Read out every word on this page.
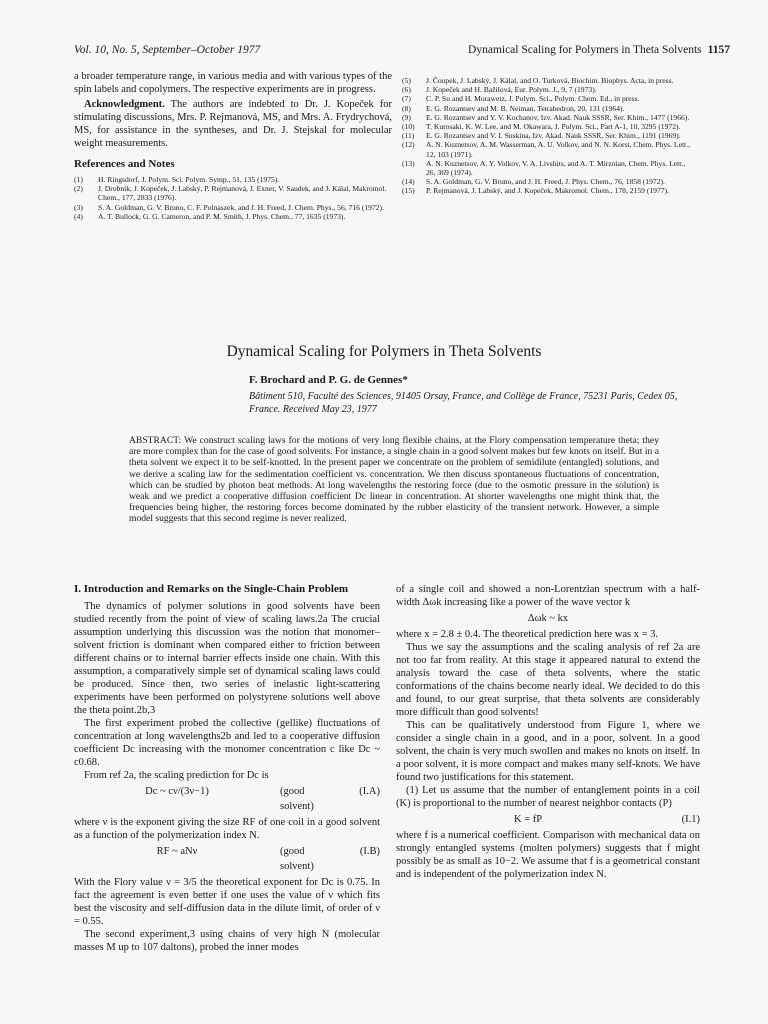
Vol. 10, No. 5, September–October 1977	Dynamical Scaling for Polymers in Theta Solvents 1157

a broader temperature range, in various media and with various types of the spin labels and copolymers. The respective experiments are in progress.

Acknowledgment. The authors are indebted to Dr. J. Kopeček for stimulating discussions, Mrs. P. Rejmanová, MS, and Mrs. A. Frydrychová, MS, for assistance in the syntheses, and Dr. J. Stejskal for molecular weight measurements.

References and Notes
(1)	H. Ringsdorf, J. Polym. Sci. Polym. Symp., 51, 135 (1975).
(2)	J. Drobník, J. Kopeček, J. Labský, P. Rejmanová, J. Exner, V. Saudek, and J. Kálal, Makromol. Chem., 177, 2833 (1976).
(3)	S. A. Goldman, G. V. Bruno, C. F. Polnaszek, and J. H. Freed, J. Chem. Phys., 56, 716 (1972).
(4)	A. T. Bullock, G. G. Cameron, and P. M. Smith, J. Phys. Chem., 77, 1635 (1973).
(5)	J. Čoupek, J. Labský, J. Kálal, and O. Turková, Biochim. Biophys. Acta, in press.
(6)	J. Kopeček and H. Bažilová, Eur. Polym. J., 9, 7 (1973).
(7)	C. P. Su and H. Morawetz, J. Polym. Sci., Polym. Chem. Ed., in press.
(8)	E. G. Rozantsev and M. B. Neiman, Tetrahedron, 20, 131 (1964).
(9)	E. G. Rozantsev and Y. V. Kochanov, Izv. Akad. Nauk SSSR, Ser. Khim., 1477 (1966).
(10)	T. Kurosaki, K. W. Lee, and M. Okawara, J. Polym. Sci., Part A-1, 10, 3295 (1972).
(11)	E. G. Rozantsev and V. I. Suskina, Izv. Akad. Nauk SSSR, Ser. Khim., 1191 (1969).
(12)	A. N. Kuznetsov, A. M. Wasserman, A. U. Volkov, and N. N. Korst, Chem. Phys. Lett., 12, 103 (1971).
(13)	A. N. Kuznetsov, A. Y. Volkov, V. A. Livshits, and A. T. Mirzoian, Chem. Phys. Lett., 26, 369 (1974).
(14)	S. A. Goldman, G. V. Bruno, and J. H. Freed, J. Phys. Chem., 76, 1858 (1972).
(15)	P. Rejmanová, J. Labský, and J. Kopeček, Makromol. Chem., 178, 2159 (1977).
Dynamical Scaling for Polymers in Theta Solvents
F. Brochard and P. G. de Gennes*
Bâtiment 510, Faculté des Sciences, 91405 Orsay, France, and Collège de France, 75231 Paris, Cedex 05, France. Received May 23, 1977
ABSTRACT: We construct scaling laws for the motions of very long flexible chains, at the Flory compensation temperature theta; they are more complex than for the case of good solvents. For instance, a single chain in a good solvent makes but few knots on itself. But in a theta solvent we expect it to be self-knotted. In the present paper we concentrate on the problem of semidilute (entangled) solutions, and we derive a scaling law for the sedimentation coefficient vs. concentration. We then discuss spontaneous fluctuations of concentration, which can be studied by photon beat methods. At long wavelengths the restoring force (due to the osmotic pressure in the solution) is weak and we predict a cooperative diffusion coefficient Dc linear in concentration. At shorter wavelengths one might think that, the frequencies being higher, the restoring forces become dominated by the rubber elasticity of the transient network. However, a simple model suggests that this second regime is never realized.
I. Introduction and Remarks on the Single-Chain Problem

The dynamics of polymer solutions in good solvents have been studied recently from the point of view of scaling laws.2a The crucial assumption underlying this discussion was the notion that monomer–solvent friction is dominant when compared either to friction between different chains or to internal barrier effects inside one chain. With this assumption, a comparatively simple set of dynamical scaling laws could be produced. Since then, two series of inelastic light-scattering experiments have been performed on polystyrene solutions well above the theta point.2b,3

The first experiment probed the collective (gellike) fluctuations of concentration at long wavelengths2b and led to a cooperative diffusion coefficient Dc increasing with the monomer concentration c like Dc ~ c0.68.

From ref 2a, the scaling prediction for Dc is

Dc ~ cν/(3ν−1)	(good solvent)
(I.A)

where ν is the exponent giving the size RF of one coil in a good solvent as a function of the polymerization index N.

RF ~ aNν	(good solvent)
(I.B)

With the Flory value ν = 3/5 the theoretical exponent for Dc is 0.75. In fact the agreement is even better if one uses the value of ν which fits best the viscosity and self-diffusion data in the dilute limit, of order of ν = 0.55.

The second experiment,3 using chains of very high N (molecular masses M up to 107 daltons), probed the inner modes

of a single coil and showed a non-Lorentzian spectrum with a half-width Δωk increasing like a power of the wave vector k

Δωk ~ kx

where x = 2.8 ± 0.4. The theoretical prediction here was x = 3.

Thus we say the assumptions and the scaling analysis of ref 2a are not too far from reality. At this stage it appeared natural to extend the analysis toward the case of theta solvents, where the static conformations of the chains become nearly ideal. We decided to do this and found, to our great surprise, that theta solvents are considerably more difficult than good solvents!

This can be qualitatively understood from Figure 1, where we consider a single chain in a good, and in a poor, solvent. In a good solvent, the chain is very much swollen and makes no knots on itself. In a poor solvent, it is more compact and makes many self-knots. We have found two justifications for this statement.

(1) Let us assume that the number of entanglement points in a coil (K) is proportional to the number of nearest neighbor contacts (P)

K = fP	(I.1)

where f is a numerical coefficient. Comparison with mechanical data on strongly entangled systems (molten polymers) suggests that f might possibly be as small as 10−2. We assume that f is a geometrical constant and is independent of the polymerization index N.
